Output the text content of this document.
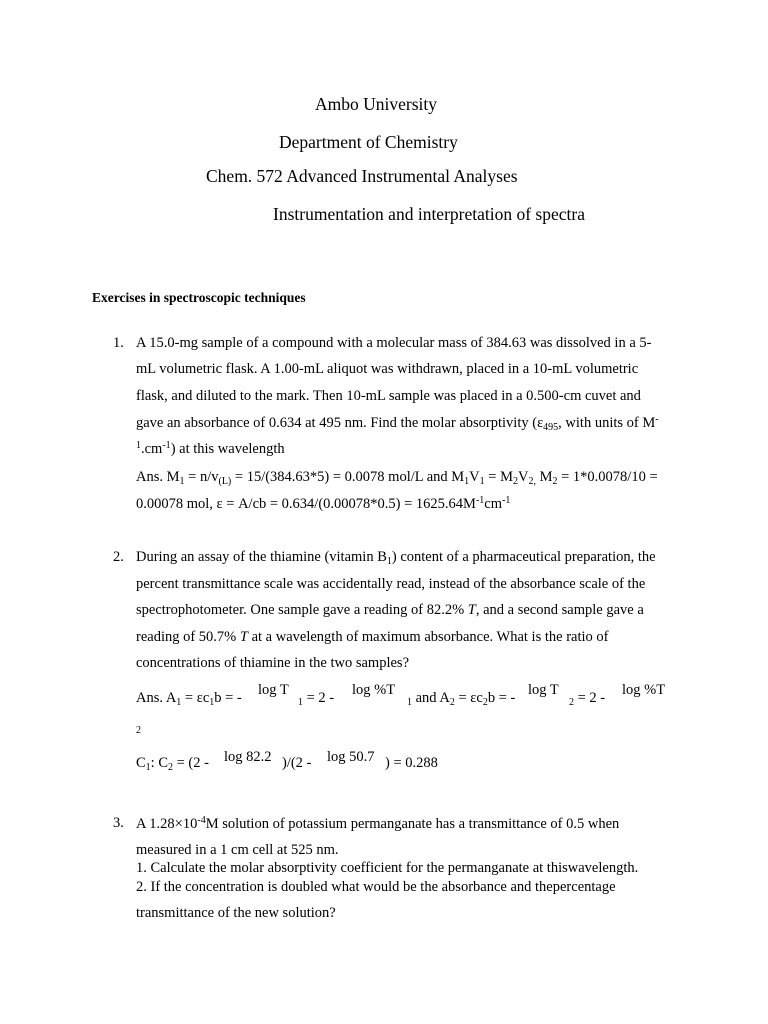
Ambo University
Department of Chemistry
Chem. 572 Advanced Instrumental Analyses
Instrumentation and interpretation of spectra
Exercises in spectroscopic techniques
1. A 15.0-mg sample of a compound with a molecular mass of 384.63 was dissolved in a 5-
mL volumetric flask. A 1.00-mL aliquot was withdrawn, placed in a 10-mL volumetric
flask, and diluted to the mark. Then 10-mL sample was placed in a 0.500-cm cuvet and
gave an absorbance of 0.634 at 495 nm. Find the molar absorptivity ($\varepsilon_{495}$, with units of M-
$^1.cm^{-1}$) at this wavelength
Ans. $M_1 = n/v_{(L)} = 15/(384.63*5) = 0.0078$ mol/L and $M_1V_1 = M_2V_{2,}$ $M_2 = 1*0.0078/10$ =
0.00078 mol, $\varepsilon = A/cb = 0.634/(0.00078*0.5) = 1625.64M^{-1}cm^{-1}$
2. During an assay of the thiamine (vitamin $B_1$) content of a pharmaceutical preparation, the
percent transmittance scale was accidentally read, instead of the absorbance scale of the
spectrophotometer. One sample gave a reading of 82.2% T, and a second sample gave a
reading of 50.7% T at a wavelength of maximum absorbance. What is the ratio of
concentrations of thiamine in the two samples?
Ans. $A_1 = \varepsilon c_1b$ = - log T
$_1$ = 2 - log %T
$_1$ and $A_2 = \varepsilon c_2b$ = - log T
$_2$ = 2 - log %T
2
$C_1$: $C_2 = (2 - \log 82.2$ )/(2 - log 50.7 ) = 0.288
3. A $1.28\times 10^{-4}M$ solution of potassium permanganate has a transmittance of 0.5 when
measured in a 1 cm cell at 525 nm.
1. Calculate the molar absorptivity coefficient for the permanganate at thiswavelength.
2. If the concentration is doubled what would be the absorbance and thepercentage
transmittance of the new solution?
